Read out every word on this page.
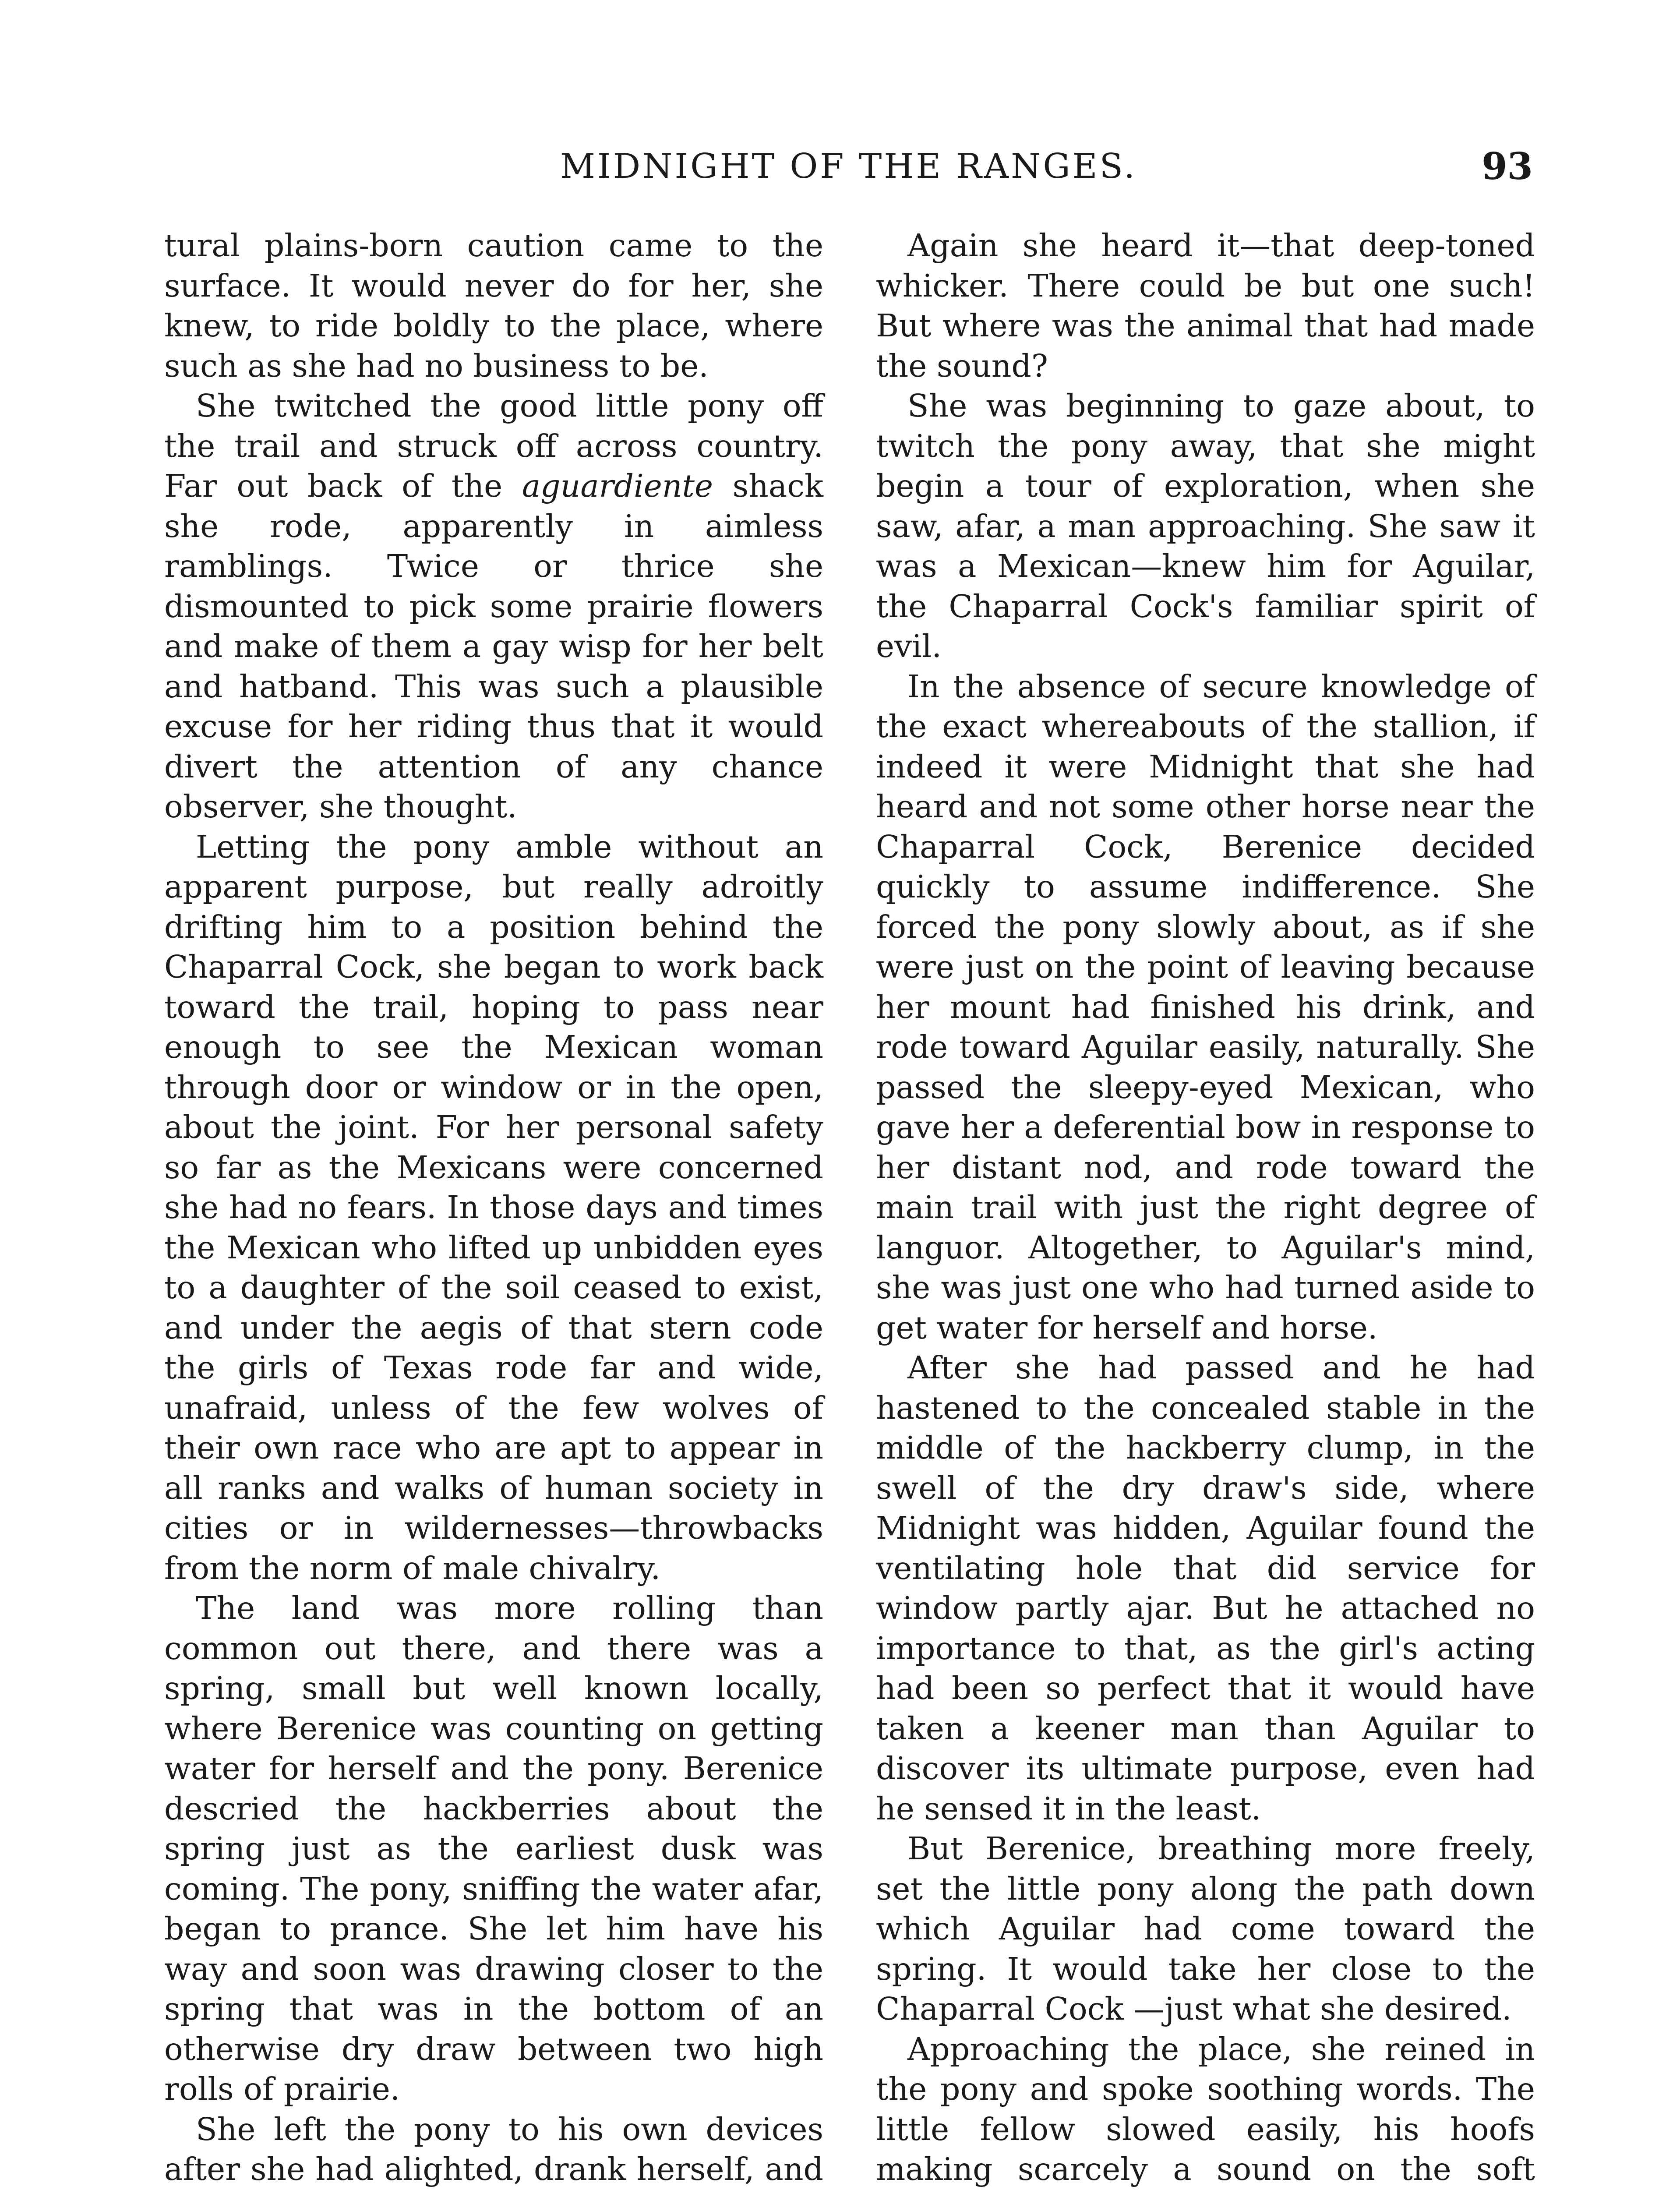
MIDNIGHT OF THE RANGES.	93

tural plains-born caution came to the surface. It would never do for her, she knew, to ride boldly to the place, where such as she had no business to be.

She twitched the good little pony off the trail and struck off across country. Far out back of the aguardiente shack she rode, apparently in aimless ramblings. Twice or thrice she dismounted to pick some prairie flowers and make of them a gay wisp for her belt and hatband. This was such a plausible excuse for her riding thus that it would divert the attention of any chance observer, she thought.

Letting the pony amble without an apparent purpose, but really adroitly drifting him to a position behind the Chaparral Cock, she began to work back toward the trail, hoping to pass near enough to see the Mexican woman through door or window or in the open, about the joint. For her personal safety so far as the Mexicans were concerned she had no fears. In those days and times the Mexican who lifted up unbidden eyes to a daughter of the soil ceased to exist, and under the aegis of that stern code the girls of Texas rode far and wide, unafraid, unless of the few wolves of their own race who are apt to appear in all ranks and walks of human society in cities or in wildernesses—throwbacks from the norm of male chivalry.

The land was more rolling than common out there, and there was a spring, small but well known locally, where Berenice was counting on getting water for herself and the pony. Berenice descried the hackberries about the spring just as the earliest dusk was coming. The pony, sniffing the water afar, began to prance. She let him have his way and soon was drawing closer to the spring that was in the bottom of an otherwise dry draw between two high rolls of prairie.

She left the pony to his own devices after she had alighted, drank herself, and

Again she heard it—that deep-toned whicker. There could be but one such! But where was the animal that had made the sound?

She was beginning to gaze about, to twitch the pony away, that she might begin a tour of exploration, when she saw, afar, a man approaching. She saw it was a Mexican—knew him for Aguilar, the Chaparral Cock's familiar spirit of evil.

In the absence of secure knowledge of the exact whereabouts of the stallion, if indeed it were Midnight that she had heard and not some other horse near the Chaparral Cock, Berenice decided quickly to assume indifference. She forced the pony slowly about, as if she were just on the point of leaving because her mount had finished his drink, and rode toward Aguilar easily, naturally. She passed the sleepy-eyed Mexican, who gave her a deferential bow in response to her distant nod, and rode toward the main trail with just the right degree of languor. Altogether, to Aguilar's mind, she was just one who had turned aside to get water for herself and horse.

After she had passed and he had hastened to the concealed stable in the middle of the hackberry clump, in the swell of the dry draw's side, where Midnight was hidden, Aguilar found the ventilating hole that did service for window partly ajar. But he attached no importance to that, as the girl's acting had been so perfect that it would have taken a keener man than Aguilar to discover its ultimate purpose, even had he sensed it in the least.

But Berenice, breathing more freely, set the little pony along the path down which Aguilar had come toward the spring. It would take her close to the Chaparral Cock —just what she desired.

Approaching the place, she reined in the pony and spoke soothing words. The little fellow slowed easily, his hoofs making scarcely a sound on the soft
